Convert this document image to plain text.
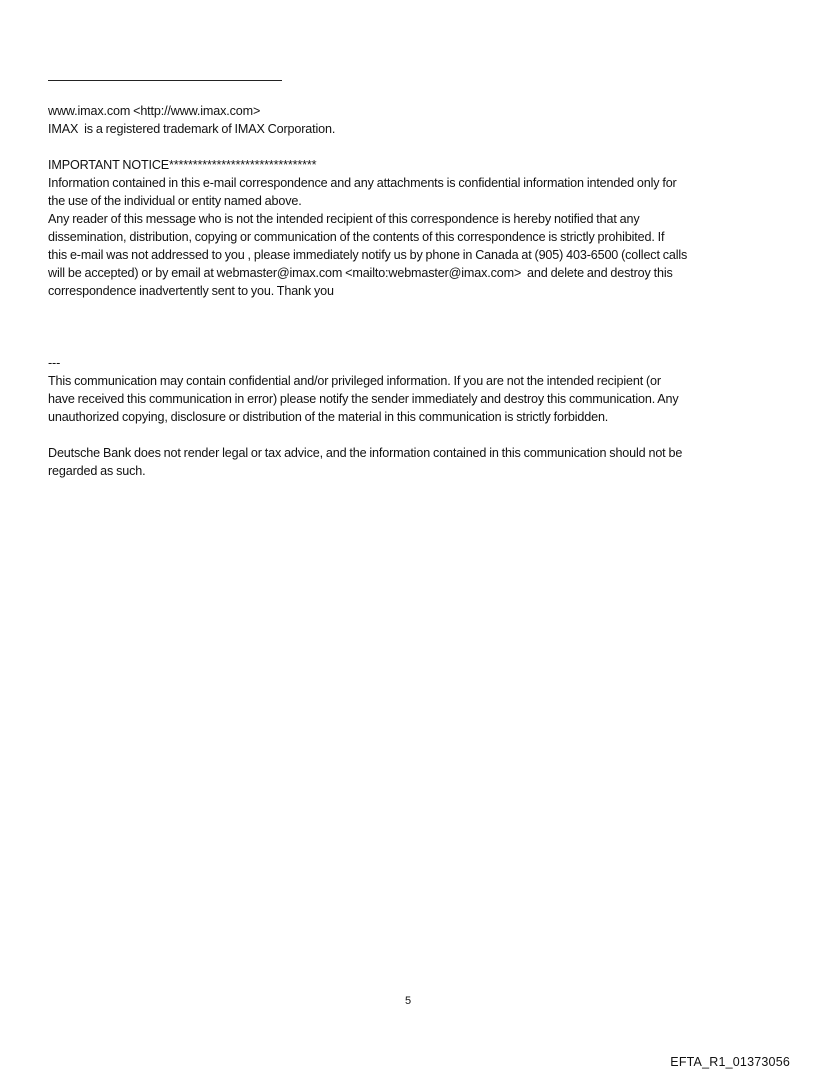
www.imax.com <http://www.imax.com>
IMAX  is a registered trademark of IMAX Corporation.
IMPORTANT NOTICE*******************************
Information contained in this e-mail correspondence and any attachments is confidential information intended only for
the use of the individual or entity named above.
Any reader of this message who is not the intended recipient of this correspondence is hereby notified that any
dissemination, distribution, copying or communication of the contents of this correspondence is strictly prohibited. If
this e-mail was not addressed to you , please immediately notify us by phone in Canada at (905) 403-6500 (collect calls
will be accepted) or by email at webmaster@imax.com <mailto:webmaster@imax.com>  and delete and destroy this
correspondence inadvertently sent to you. Thank you
---
This communication may contain confidential and/or privileged information. If you are not the intended recipient (or
have received this communication in error) please notify the sender immediately and destroy this communication. Any
unauthorized copying, disclosure or distribution of the material in this communication is strictly forbidden.
Deutsche Bank does not render legal or tax advice, and the information contained in this communication should not be
regarded as such.
5
EFTA_R1_01373056
